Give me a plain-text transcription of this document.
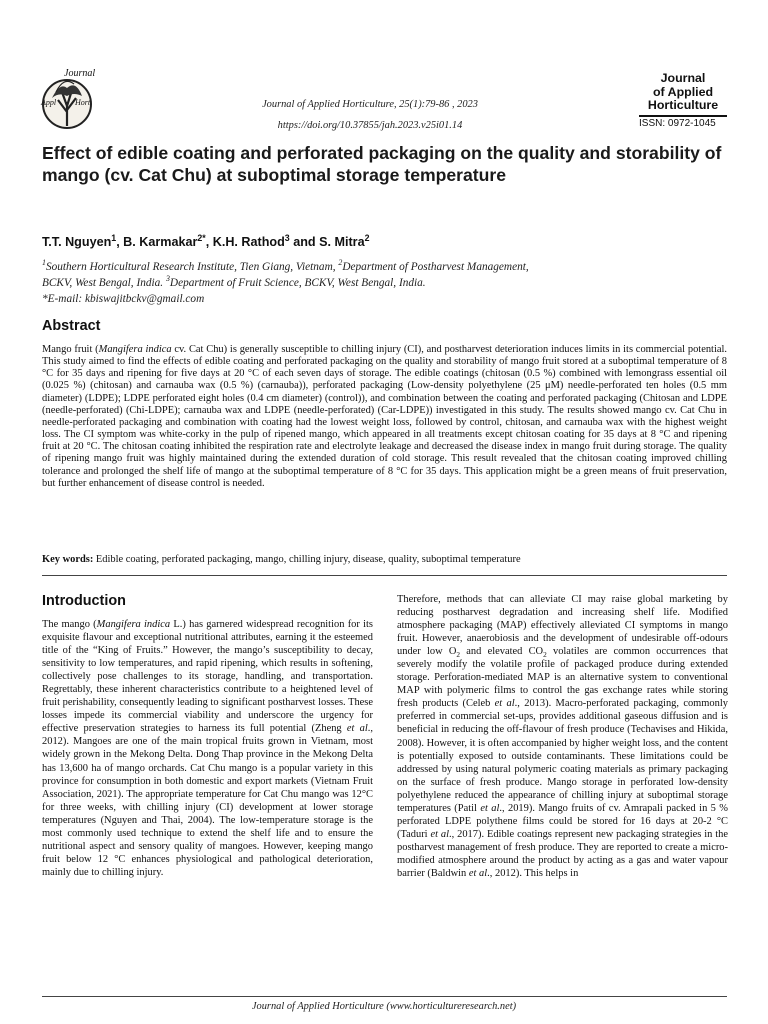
Journal
Appl Hort	Journal of Applied Horticulture, 25(1):79-86 , 2023
https://doi.org/10.37855/jah.2023.v25i01.14
Journal
of Applied
Horticulture
ISSN: 0972-1045
Effect of edible coating and perforated packaging on the quality and storability of mango (cv. Cat Chu) at suboptimal storage temperature

T.T. Nguyen$^1$, B. Karmakar$^{2*}$, K.H. Rathod$^3$ and S. Mitra$^2$

$^1$Southern Horticultural Research Institute, Tien Giang, Vietnam, $^2$Department of Postharvest Management,
BCKV, West Bengal, India. $^3$Department of Fruit Science, BCKV, West Bengal, India.
*E-mail: kbiswajitbckv@gmail.com
Abstract

Mango fruit (Mangifera indica cv. Cat Chu) is generally susceptible to chilling injury (CI), and postharvest deterioration induces limits in its commercial potential. This study aimed to find the effects of edible coating and perforated packaging on the quality and storability of mango fruit stored at a suboptimal temperature of 8 °C for 35 days and ripening for five days at 20 °C of each seven days of storage. The edible coatings (chitosan (0.5 %) combined with lemongrass essential oil (0.025 %) (chitosan) and carnauba wax (0.5 %) (carnauba)), perforated packaging (Low-density polyethylene (25 μM) needle-perforated ten holes (0.5 mm diameter) (LDPE); LDPE perforated eight holes (0.4 cm diameter) (control)), and combination between the coating and perforated packaging (Chitosan and LDPE (needle-perforated) (Chi-LDPE); carnauba wax and LDPE (needle-perforated) (Car-LDPE)) investigated in this study. The results showed mango cv. Cat Chu in needle-perforated packaging and combination with coating had the lowest weight loss, followed by control, chitosan, and carnauba wax with the highest weight loss. The CI symptom was white-corky in the pulp of ripened mango, which appeared in all treatments except chitosan coating for 35 days at 8 °C and ripening fruit at 20 °C. The chitosan coating inhibited the respiration rate and electrolyte leakage and decreased the disease index in mango fruit during storage. The quality of ripening mango fruit was highly maintained during the extended duration of cold storage. This result revealed that the chitosan coating improved chilling tolerance and prolonged the shelf life of mango at the suboptimal temperature of 8 °C for 35 days. This application might be a green means of fruit preservation, but further enhancement of disease control is needed.

Key words: Edible coating, perforated packaging, mango, chilling injury, disease, quality, suboptimal temperature

Introduction

The mango (Mangifera indica L.) has garnered widespread recognition for its exquisite flavour and exceptional nutritional attributes, earning it the esteemed title of the “King of Fruits.” However, the mango’s susceptibility to decay, sensitivity to low temperatures, and rapid ripening, which results in softening, collectively pose challenges to its storage, handling, and transportation. Regrettably, these inherent characteristics contribute to a heightened level of fruit perishability, consequently leading to significant postharvest losses. These losses impede its commercial viability and underscore the urgency for effective preservation strategies to harness its full potential (Zheng et al., 2012). Mangoes are one of the main tropical fruits grown in Vietnam, most widely grown in the Mekong Delta. Dong Thap province in the Mekong Delta has 13,600 ha of mango orchards. Cat Chu mango is a popular variety in this province for consumption in both domestic and export markets (Vietnam Fruit Association, 2021). The appropriate temperature for Cat Chu mango was 12°C for three weeks, with chilling injury (CI) development at lower storage temperatures (Nguyen and Thai, 2004). The low-temperature storage is the most commonly used technique to extend the shelf life and to ensure the nutritional aspect and sensory quality of mangoes. However, keeping mango fruit below 12 °C enhances physiological and pathological deterioration, mainly due to chilling injury.

Therefore, methods that can alleviate CI may raise global marketing by reducing postharvest degradation and increasing shelf life. Modified atmosphere packaging (MAP) effectively alleviated CI symptoms in mango fruit. However, anaerobiosis and the development of undesirable off-odours under low $O_2$ and elevated $CO_2$ volatiles are common occurrences that severely modify the volatile profile of packaged produce during extended storage. Perforation-mediated MAP is an alternative system to conventional MAP with polymeric films to control the gas exchange rates while storing fresh products (Celeb et al., 2013). Macro-perforated packaging, commonly preferred in commercial set-ups, provides additional gaseous diffusion and is beneficial in reducing the off-flavour of fresh produce (Techavises and Hikida, 2008). However, it is often accompanied by higher weight loss, and the content is potentially exposed to outside contaminants. These limitations could be addressed by using natural polymeric coating materials as primary packaging on the surface of fresh produce. Mango storage in perforated low-density polyethylene reduced the appearance of chilling injury at suboptimal storage temperatures (Patil et al., 2019). Mango fruits of cv. Amrapali packed in 5 % perforated LDPE polythene films could be stored for 16 days at 20-2 °C (Taduri et al., 2017). Edible coatings represent new packaging strategies in the postharvest management of fresh produce. They are reported to create a micro-modified atmosphere around the product by acting as a gas and water vapour barrier (Baldwin et al., 2012). This helps in

Journal of Applied Horticulture (www.horticultureresearch.net)
